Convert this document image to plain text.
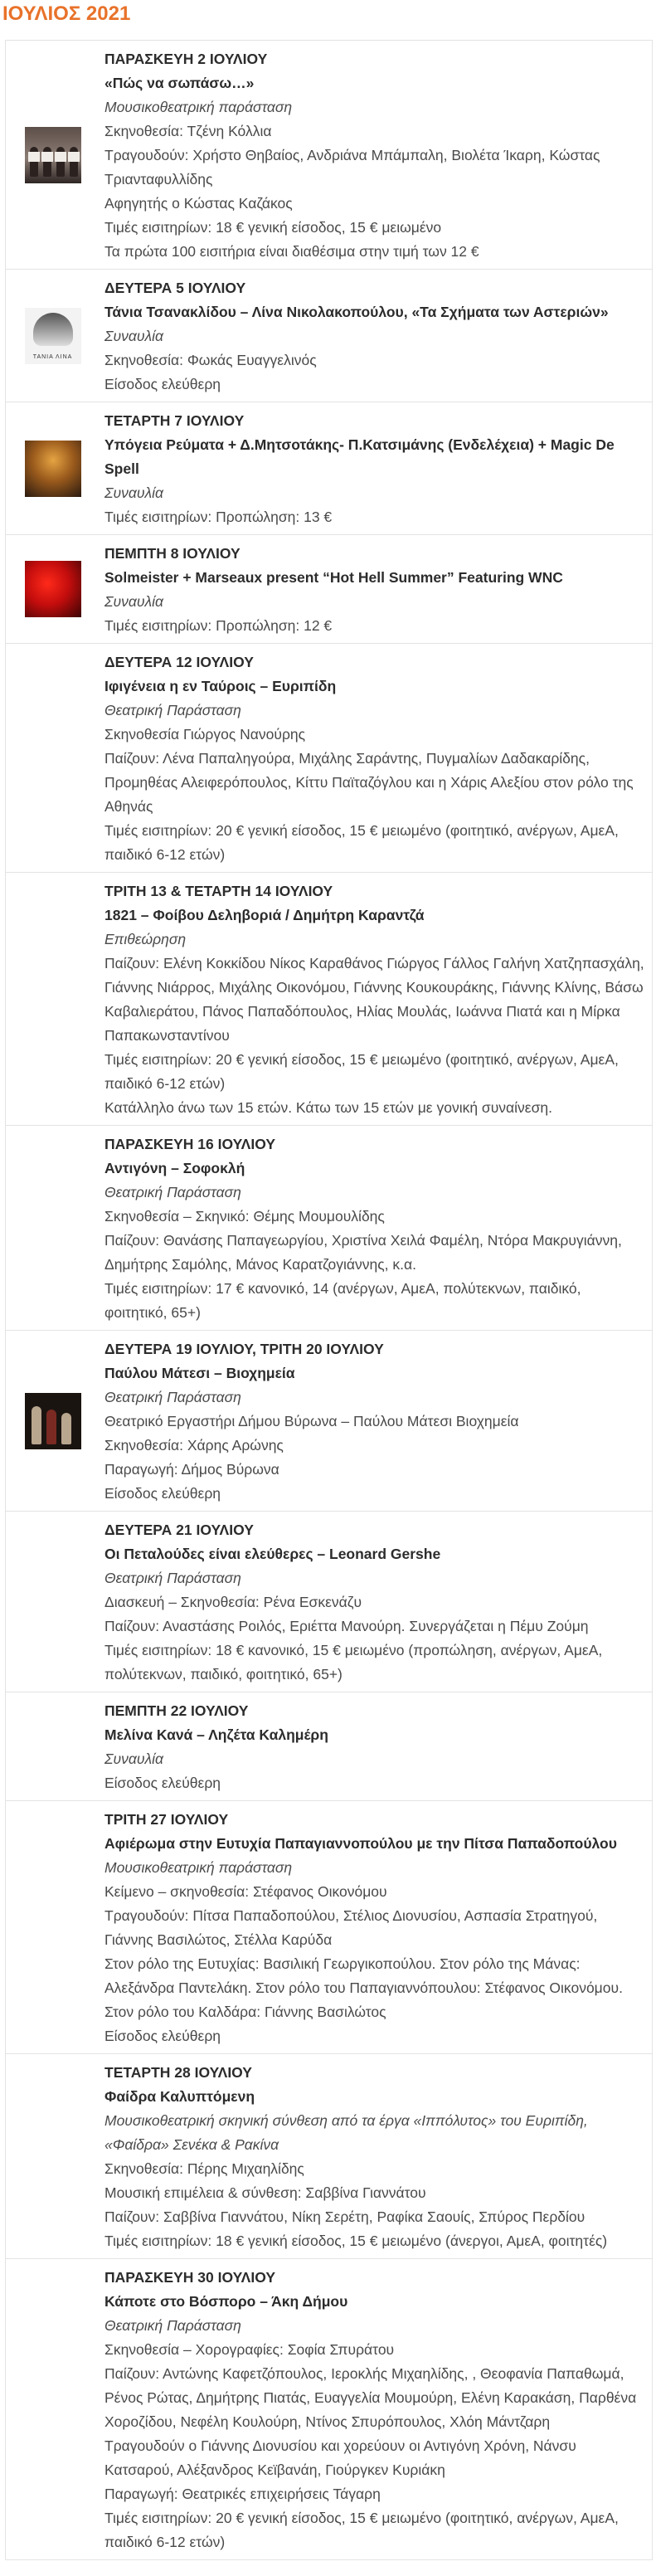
ΙΟΥΛΙΟΣ 2021
ΠΑΡΑΣΚΕΥΗ 2 ΙΟΥΛΙΟΥ
«Πώς να σωπάσω…»
Μουσικοθεατρική παράσταση
Σκηνοθεσία: Τζένη Κόλλια
Τραγουδούν: Χρήστο Θηβαίος, Ανδριάνα Μπάμπαλη, Βιολέτα Ίκαρη, Κώστας Τριανταφυλλίδης
Αφηγητής ο Κώστας Καζάκος
Τιμές εισιτηρίων: 18 € γενική είσοδος, 15 € μειωμένο
Τα πρώτα 100 εισιτήρια είναι διαθέσιμα στην τιμή των 12 €
ΤΑΝΙΑ ΛΙΝΑ
ΔΕΥΤΕΡΑ 5 ΙΟΥΛΙΟΥ
Τάνια Τσανακλίδου – Λίνα Νικολακοπούλου, «Τα Σχήματα των Αστεριών»
Συναυλία
Σκηνοθεσία: Φωκάς Ευαγγελινός
Είσοδος ελεύθερη
ΤΕΤΑΡΤΗ 7 ΙΟΥΛΙΟΥ
Υπόγεια Ρεύματα + Δ.Μητσοτάκης- Π.Κατσιμάνης (Ενδελέχεια) + Magic De Spell
Συναυλία
Τιμές εισιτηρίων: Προπώληση: 13 €
ΠΕΜΠΤΗ 8 ΙΟΥΛΙΟΥ
Solmeister + Marseaux present “Hot Hell Summer” Featuring WNC
Συναυλία
Τιμές εισιτηρίων: Προπώληση: 12 €
ΔΕΥΤΕΡΑ 12 ΙΟΥΛΙΟΥ
Ιφιγένεια η εν Ταύροις – Ευριπίδη
Θεατρική Παράσταση
Σκηνοθεσία Γιώργος Νανούρης
Παίζουν: Λένα Παπαληγούρα, Μιχάλης Σαράντης, Πυγμαλίων Δαδακαρίδης, Προμηθέας Αλειφερόπουλος, Κίττυ Παϊταζόγλου και η Χάρις Αλεξίου στον ρόλο της Αθηνάς
Τιμές εισιτηρίων: 20 € γενική είσοδος, 15 € μειωμένο (φοιτητικό, ανέργων, ΑμεΑ, παιδικό 6-12 ετών)
ΤΡΙΤΗ 13 & ΤΕΤΑΡΤΗ 14 ΙΟΥΛΙΟΥ
1821 – Φοίβου Δεληβοριά / Δημήτρη Καραντζά
Επιθεώρηση
Παίζουν: Ελένη Κοκκίδου Νίκος Καραθάνος Γιώργος Γάλλος Γαλήνη Χατζηπασχάλη, Γιάννης Νιάρρος, Μιχάλης Οικονόμου, Γιάννης Κουκουράκης, Γιάννης Κλίνης, Βάσω Καβαλιεράτου, Πάνος Παπαδόπουλος, Ηλίας Μουλάς, Ιωάννα Πιατά και η Μίρκα Παπακωνσταντίνου
Τιμές εισιτηρίων: 20 € γενική είσοδος, 15 € μειωμένο (φοιτητικό, ανέργων, ΑμεΑ, παιδικό 6-12 ετών)
Κατάλληλο άνω των 15 ετών. Κάτω των 15 ετών με γονική συναίνεση.
ΠΑΡΑΣΚΕΥΗ 16 ΙΟΥΛΙΟΥ
Αντιγόνη – Σοφοκλή
Θεατρική Παράσταση
Σκηνοθεσία – Σκηνικό: Θέμης Μουμουλίδης
Παίζουν: Θανάσης Παπαγεωργίου, Χριστίνα Χειλά Φαμέλη, Ντόρα Μακρυγιάννη, Δημήτρης Σαμόλης, Μάνος Καρατζογιάννης, κ.α.
Τιμές εισιτηρίων: 17 € κανονικό, 14 (ανέργων, ΑμεΑ, πολύτεκνων, παιδικό, φοιτητικό, 65+)
ΔΕΥΤΕΡΑ 19 ΙΟΥΛΙΟΥ, ΤΡΙΤΗ 20 ΙΟΥΛΙΟΥ
Παύλου Μάτεσι – Βιοχημεία
Θεατρική Παράσταση
Θεατρικό Εργαστήρι Δήμου Βύρωνα – Παύλου Μάτεσι Βιοχημεία
Σκηνοθεσία: Χάρης Αρώνης
Παραγωγή: Δήμος Βύρωνα
Είσοδος ελεύθερη
ΔΕΥΤΕΡΑ 21 ΙΟΥΛΙΟΥ
Οι Πεταλούδες είναι ελεύθερες – Leonard Gershe
Θεατρική Παράσταση
Διασκευή – Σκηνοθεσία: Ρένα Εσκενάζυ
Παίζουν: Αναστάσης Ροιλός, Εριέττα Μανούρη. Συνεργάζεται η Πέμυ Ζούμη
Τιμές εισιτηρίων: 18 € κανονικό, 15 € μειωμένο (προπώληση, ανέργων, ΑμεΑ, πολύτεκνων, παιδικό, φοιτητικό, 65+)
ΠΕΜΠΤΗ 22 ΙΟΥΛΙΟΥ
Μελίνα Κανά – Ληζέτα Καλημέρη
Συναυλία
Είσοδος ελεύθερη
ΤΡΙΤΗ 27 ΙΟΥΛΙΟΥ
Αφιέρωμα στην Ευτυχία Παπαγιαννοπούλου με την Πίτσα Παπαδοπούλου
Μουσικοθεατρική παράσταση
Κείμενο – σκηνοθεσία: Στέφανος Οικονόμου
Τραγουδούν: Πίτσα Παπαδοπούλου, Στέλιος Διονυσίου, Ασπασία Στρατηγού, Γιάννης Βασιλώτος, Στέλλα Καρύδα
Στον ρόλο της Ευτυχίας: Βασιλική Γεωργικοπούλου. Στον ρόλο της Μάνας: Αλεξάνδρα Παντελάκη. Στον ρόλο του Παπαγιαννόπουλου: Στέφανος Οικονόμου. Στον ρόλο του Καλδάρα: Γιάννης Βασιλώτος
Είσοδος ελεύθερη
ΤΕΤΑΡΤΗ 28 ΙΟΥΛΙΟΥ
Φαίδρα Καλυπτόμενη
Μουσικοθεατρική σκηνική σύνθεση από τα έργα «Ιππόλυτος» του Ευριπίδη, «Φαίδρα» Σενέκα & Ρακίνα
Σκηνοθεσία: Πέρης Μιχαηλίδης
Μουσική επιμέλεια & σύνθεση: Σαββίνα Γιαννάτου
Παίζουν: Σαββίνα Γιαννάτου, Νίκη Σερέτη, Ραφίκα Σαουίς, Σπύρος Περδίου
Τιμές εισιτηρίων: 18 € γενική είσοδος, 15 € μειωμένο (άνεργοι, ΑμεΑ, φοιτητές)
ΠΑΡΑΣΚΕΥΗ 30 ΙΟΥΛΙΟΥ
Κάποτε στο Βόσπορο – Άκη Δήμου
Θεατρική Παράσταση
Σκηνοθεσία – Χορογραφίες: Σοφία Σπυράτου
Παίζουν: Αντώνης Καφετζόπουλος, Ιεροκλής Μιχαηλίδης, , Θεοφανία Παπαθωμά, Ρένος Ρώτας, Δημήτρης Πιατάς, Ευαγγελία Μουμούρη, Ελένη Καρακάση, Παρθένα Χοροζίδου, Νεφέλη Κουλούρη, Ντίνος Σπυρόπουλος, Χλόη Μάντζαρη
Τραγουδούν ο Γιάννης Διονυσίου και χορεύουν οι Αντιγόνη Χρόνη, Νάνσυ Κατσαρού, Αλέξανδρος Κεϊβανάη, Γιούργκεν Κυριάκη
Παραγωγή: Θεατρικές επιχειρήσεις Τάγαρη
Τιμές εισιτηρίων: 20 € γενική είσοδος, 15 € μειωμένο (φοιτητικό, ανέργων, ΑμεΑ, παιδικό 6-12 ετών)
